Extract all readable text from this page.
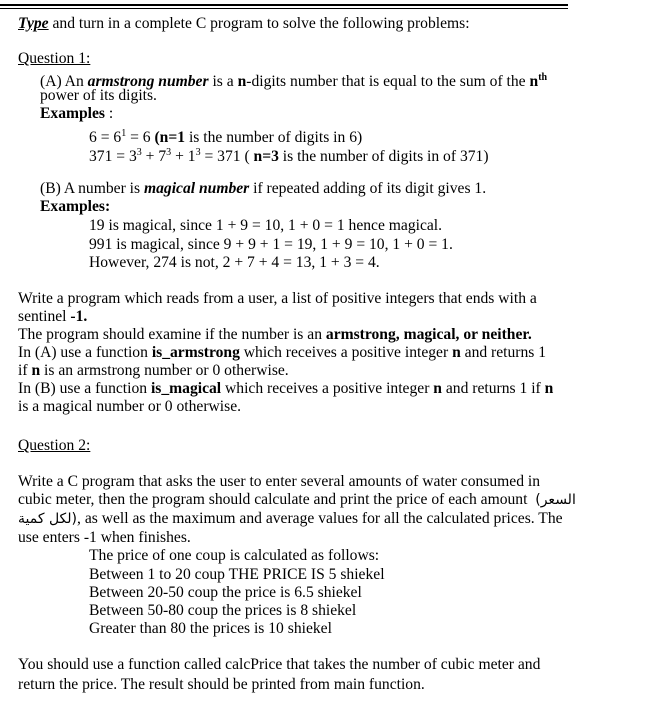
Type and turn in a complete C program to solve the following problems:
Question 1:
(A) An armstrong number is a n-digits number that is equal to the sum of the $n^{th}$
power of its digits.
Examples :
$6 = 6^1 = 6$ (n=1 is the number of digits in 6)
$371 = 3^3 + 7^3 + 1^3 = 371$ ( n=3 is the number of digits in of 371)
(B) A number is magical number if repeated adding of its digit gives 1.
Examples:
19 is magical, since 1 + 9 = 10, 1 + 0 = 1 hence magical.
991 is magical, since 9 + 9 + 1 = 19, 1 + 9 = 10, 1 + 0 = 1.
However, 274 is not, 2 + 7 + 4 = 13, 1 + 3 = 4.
Write a program which reads from a user, a list of positive integers that ends with a
sentinel -1.
The program should examine if the number is an armstrong, magical, or neither.
In (A) use a function is_armstrong which receives a positive integer n and returns 1
if n is an armstrong number or 0 otherwise.
In (B) use a function is_magical which receives a positive integer n and returns 1 if n
is a magical number or 0 otherwise.
Question 2:
Write a C program that asks the user to enter several amounts of water consumed in
cubic meter, then the program should calculate and print the price of each amount السعر)
(لكل كمية, as well as the maximum and average values for all the calculated prices. The
use enters -1 when finishes.
The price of one coup is calculated as follows:
Between 1 to 20 coup THE PRICE IS 5 shiekel
Between 20-50 coup the price is 6.5 shiekel
Between 50-80 coup the prices is 8 shiekel
Greater than 80 the prices is 10 shiekel
You should use a function called calcPrice that takes the number of cubic meter and
return the price. The result should be printed from main function.
